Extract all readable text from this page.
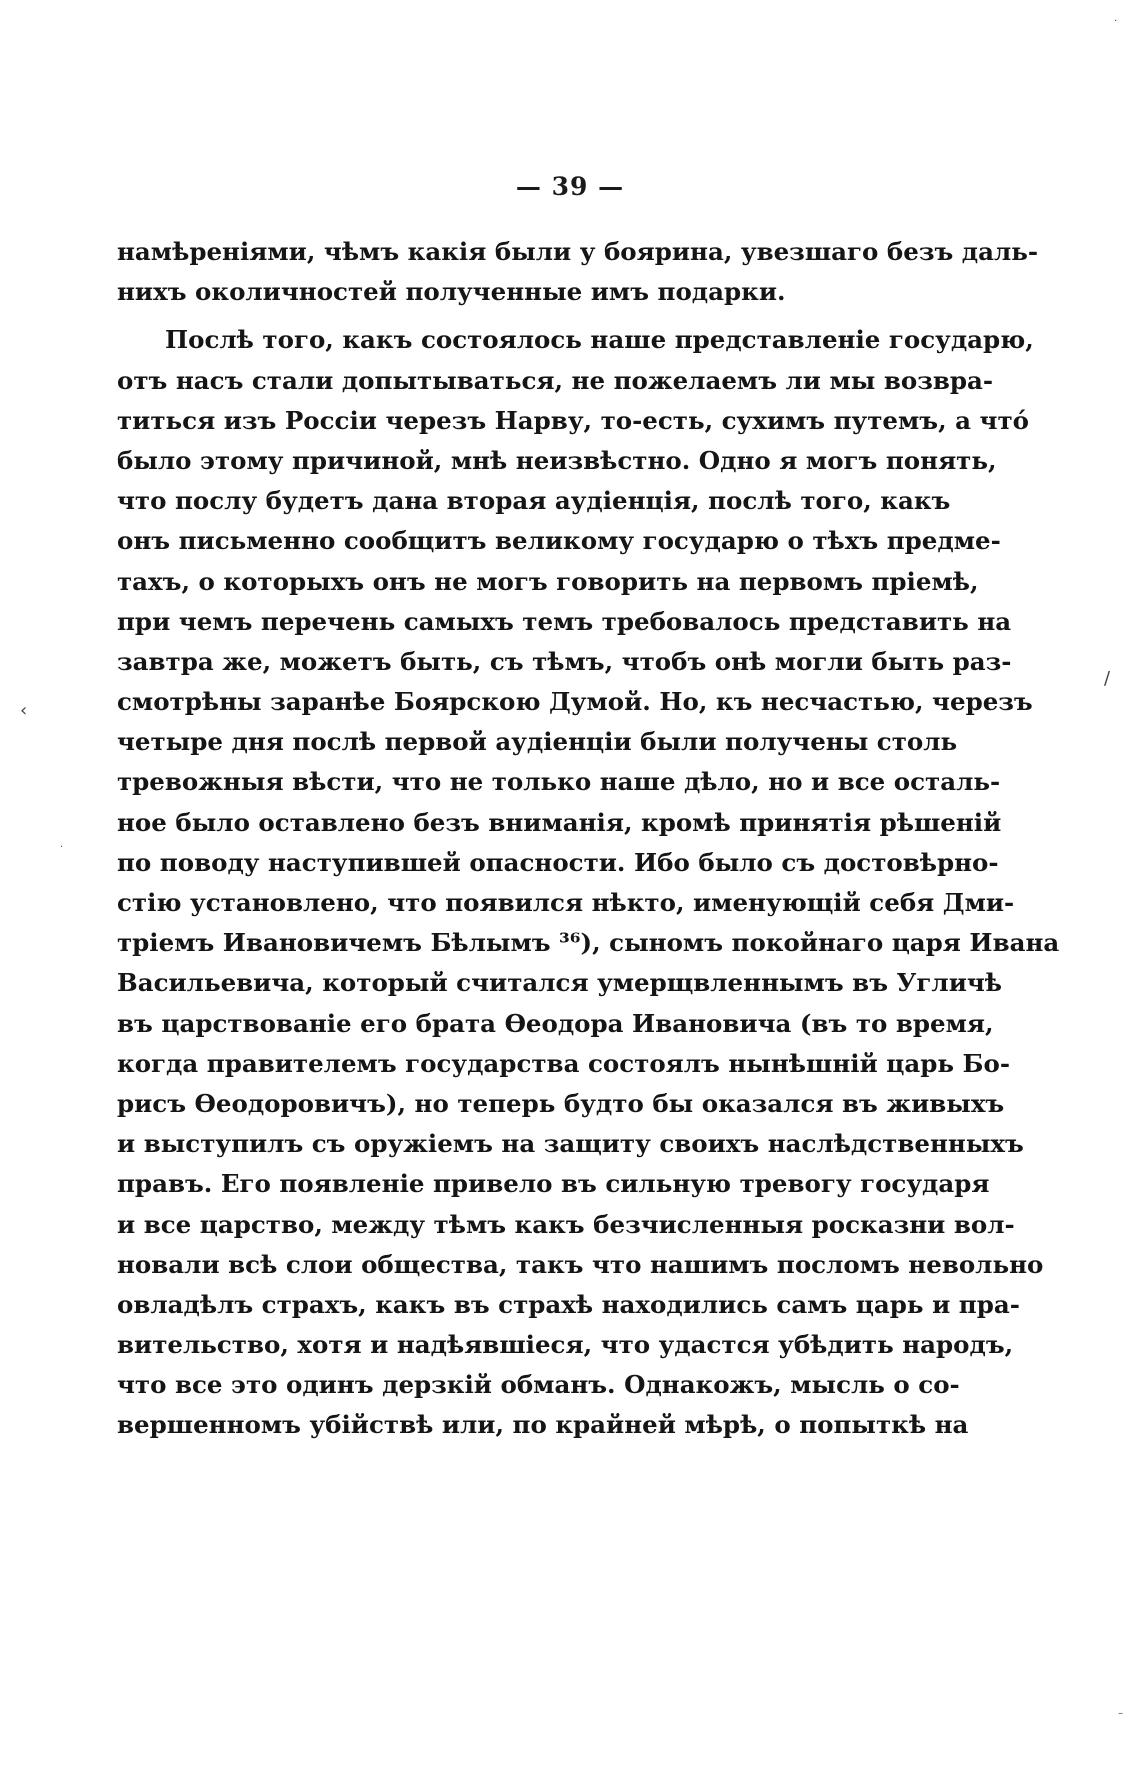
— 39 —
намѣреніями, чѣмъ какія были у боярина, увезшаго безъ даль-
нихъ околичностей полученные имъ подарки.
Послѣ того, какъ состоялось наше представленіе государю,
отъ насъ стали допытываться, не пожелаемъ ли мы возвра-
титься изъ Россіи черезъ Нарву, то-есть, сухимъ путемъ, а чтó
было этому причиной, мнѣ неизвѣстно. Одно я могъ понять,
что послу будетъ дана вторая аудіенція, послѣ того, какъ
онъ письменно сообщитъ великому государю о тѣхъ предме-
тахъ, о которыхъ онъ не могъ говорить на первомъ пріемѣ,
при чемъ перечень самыхъ темъ требовалось представить на
завтра же, можетъ быть, съ тѣмъ, чтобъ онѣ могли быть раз-
смотрѣны заранѣе Боярскою Думой. Но, къ несчастью, черезъ
четыре дня послѣ первой аудіенціи были получены столь
тревожныя вѣсти, что не только наше дѣло, но и все осталь-
ное было оставлено безъ вниманія, кромѣ принятія рѣшеній
по поводу наступившей опасности. Ибо было съ достовѣрно-
стію установлено, что появился нѣкто, именующій себя Дми-
тріемъ Ивановичемъ Бѣлымъ ³⁶), сыномъ покойнаго царя Ивана
Васильевича, который считался умерщвленнымъ въ Угличѣ
въ царствованіе его брата Ѳеодора Ивановича (въ то время,
когда правителемъ государства состоялъ нынѣшній царь Бо-
рисъ Ѳеодоровичъ), но теперь будто бы оказался въ живыхъ
и выступилъ съ оружіемъ на защиту своихъ наслѣдственныхъ
правъ. Его появленіе привело въ сильную тревогу государя
и все царство, между тѣмъ какъ безчисленныя росказни вол-
новали всѣ слои общества, такъ что нашимъ посломъ невольно
овладѣлъ страхъ, какъ въ страхѣ находились самъ царь и пра-
вительство, хотя и надѣявшіеся, что удастся убѣдить народъ,
что все это одинъ дерзкій обманъ. Однакожъ, мысль о со-
вершенномъ убійствѣ или, по крайней мѣрѣ, о попыткѣ на
·
‹
/
·
–
